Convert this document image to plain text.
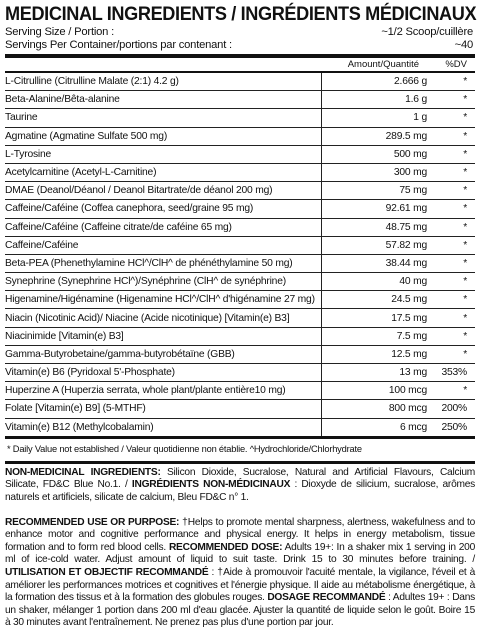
MEDICINAL INGREDIENTS / INGRÉDIENTS MÉDICINAUX
Serving Size / Portion :	~1/2 Scoop/cuillère
Servings Per Container/portions par contenant :	~40
Amount/Quantité	%DV
L-Citrulline (Citrulline Malate (2:1) 4.2 g)	2.666 g	*
Beta-Alanine/Bêta-alanine	1.6 g	*
Taurine	1 g	*
Agmatine (Agmatine Sulfate 500 mg)	289.5 mg	*
L-Tyrosine	500 mg	*
Acetylcarnitine (Acetyl-L-Carnitine)	300 mg	*
DMAE (Deanol/Déanol / Deanol Bitartrate/de déanol 200 mg)	75 mg	*
Caffeine/Caféine (Coffea canephora, seed/graine 95 mg)	92.61 mg	*
Caffeine/Caféine (Caffeine citrate/de caféine 65 mg)	48.75 mg	*
Caffeine/Caféine	57.82 mg	*
Beta-PEA (Phenethylamine HCl^/ClH^ de phénéthylamine 50 mg)	38.44 mg	*
Synephrine (Synephrine HCl^)/Synéphrine (ClH^ de synéphrine)	40 mg	*
Higenamine/Higénamine (Higenamine HCl^/ClH^ d'higénamine 27 mg)	24.5 mg	*
Niacin (Nicotinic Acid)/ Niacine (Acide nicotinique) [Vitamin(e) B3]	17.5 mg	*
Niacinimide [Vitamin(e) B3]	7.5 mg	*
Gamma-Butyrobetaine/gamma-butyrobétaïne (GBB)	12.5 mg	*
Vitamin(e) B6 (Pyridoxal 5'-Phosphate)	13 mg	353%
Huperzine A (Huperzia serrata, whole plant/plante entière10 mg)	100 mcg	*
Folate [Vitamin(e) B9] (5-MTHF)	800 mcg	200%
Vitamin(e) B12 (Methylcobalamin)	6 mcg	250%
* Daily Value not established / Valeur quotidienne non établie. ^Hydrochloride/Chlorhydrate
NON-MEDICINAL INGREDIENTS: Silicon Dioxide, Sucralose, Natural and Artificial Flavours, Calcium Silicate, FD&C Blue No.1. / INGRÉDIENTS NON-MÉDICINAUX : Dioxyde de silicium, sucralose, arômes naturels et artificiels, silicate de calcium, Bleu FD&C n° 1.
RECOMMENDED USE OR PURPOSE: †Helps to promote mental sharpness, alertness, wakefulness and to enhance motor and cognitive performance and physical energy. It helps in energy metabolism, tissue formation and to form red blood cells. RECOMMENDED DOSE: Adults 19+: In a shaker mix 1 serving in 200 ml of ice-cold water. Adjust amount of liquid to suit taste. Drink 15 to 30 minutes before training. / UTILISATION ET OBJECTIF RECOMMANDÉ : †Aide à promouvoir l'acuité mentale, la vigilance, l'éveil et à améliorer les performances motrices et cognitives et l'énergie physique. Il aide au métabolisme énergétique, à la formation des tissus et à la formation des globules rouges. DOSAGE RECOMMANDÉ : Adultes 19+ : Dans un shaker, mélanger 1 portion dans 200 ml d'eau glacée. Ajuster la quantité de liquide selon le goût. Boire 15 à 30 minutes avant l'entraînement. Ne prenez pas plus d'une portion par jour.
